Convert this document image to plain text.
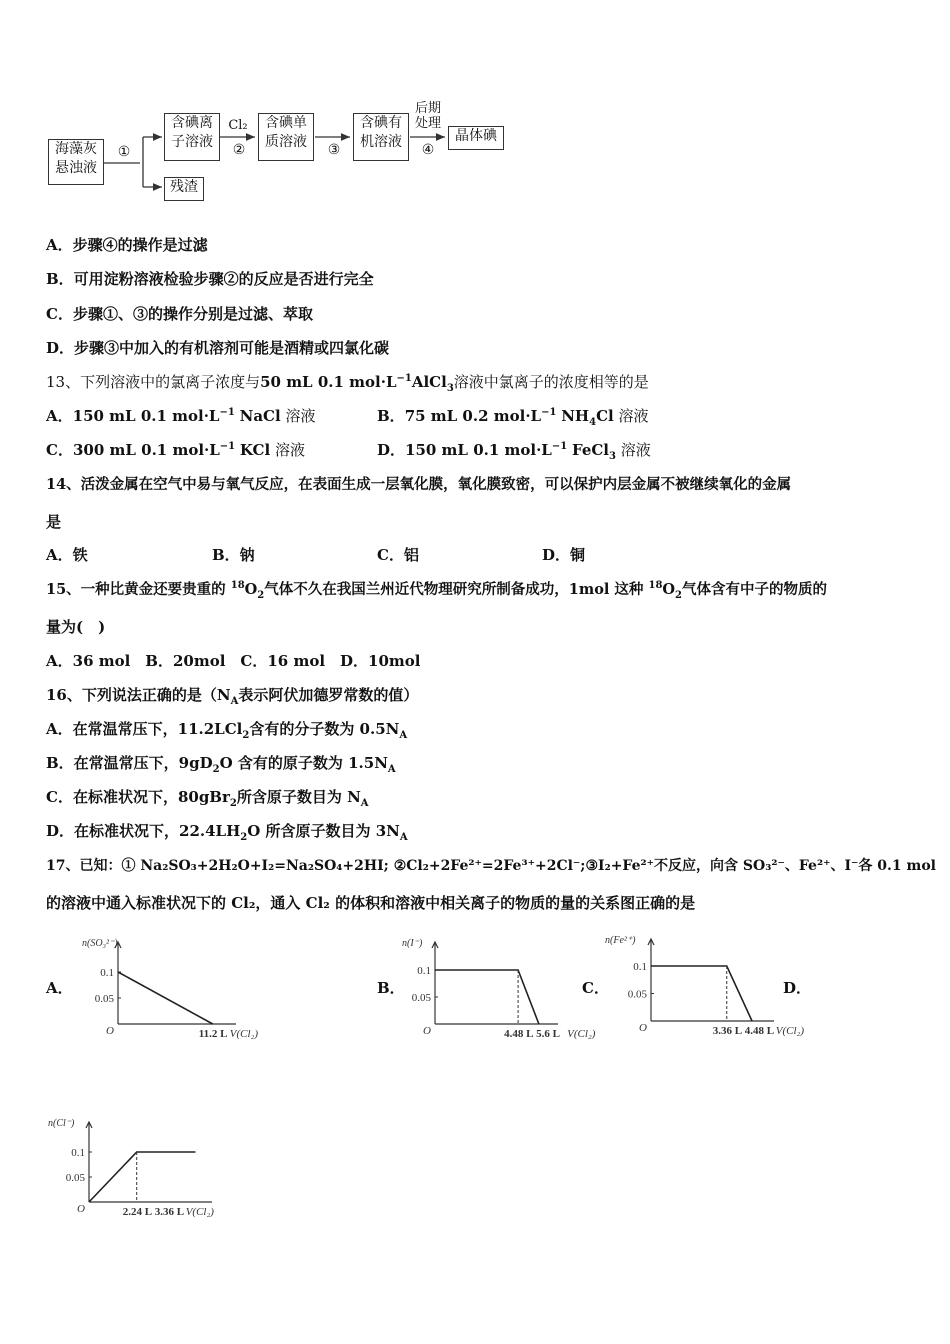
海藻灰
悬浊液
①
含碘离
子溶液
残渣
Cl₂
②
含碘单
质溶液	③
含碘有
机溶液
后期
处理
④
晶体碘
A．步骤④的操作是过滤
B．可用淀粉溶液检验步骤②的反应是否进行完全
C．步骤①、③的操作分别是过滤、萃取
D．步骤③中加入的有机溶剂可能是酒精或四氯化碳
13、下列溶液中的氯离子浓度与50 mL 0.1 $mol\cdot L^{-1}AlCl_3$溶液中氯离子的浓度相等的是
A．150 mL 0.1 $mol\cdot L^{-1}$ NaCl 溶液	B．75 mL 0.2 $mol\cdot L^{-1}$ $NH_4Cl$ 溶液
C．300 mL 0.1 $mol\cdot L^{-1}$ KCl 溶液	D．150 mL 0.1 $mol\cdot L^{-1}$ FeCl$_3$ 溶液
14、活泼金属在空气中易与氧气反应，在表面生成一层氧化膜，氧化膜致密，可以保护内层金属不被继续氧化的金属
是
A．铁	B．钠	C．铝	D．铜
15、一种比黄金还要贵重的 $^{18}O_2$气体不久在我国兰州近代物理研究所制备成功，1mol 这种 $^{18}O_2$气体含有中子的物质的
量为(　)
A．36 mol　B．20mol　C．16 mol　D．10mol
16、下列说法正确的是（$N_A$表示阿伏加德罗常数的值）
A．在常温常压下，11.2LCl$_2$含有的分子数为 $0.5N_A$
B．在常温常压下，$9gD_2O$ 含有的原子数为 $1.5N_A$
C．在标准状况下，80gBr$_2$所含原子数目为 $N_A$
D．在标准状况下，$22.4LH_2O$ 所含原子数目为 $3N_A$
17、已知：① Na₂SO₃+2H₂O+I₂=Na₂SO₄+2HI; ②Cl₂+2Fe²⁺=2Fe³⁺+2Cl⁻;③I₂+Fe²⁺不反应，向含 SO₃²⁻、Fe²⁺、I⁻各 0.1 mol
的溶液中通入标准状况下的 Cl₂，通入 Cl₂ 的体积和溶液中相关离子的物质的量的关系图正确的是
A．	B．	C．	D．
n(SO₃²⁻)
O
0.1
0.05
11.2 L V(Cl₂)
n(I⁻)
O
0.1
0.05
4.48 L 5.6 L V(Cl₂)
n(Fe²⁺)
O
0.1
0.05
3.36 L 4.48 L V(Cl₂)
n(Cl⁻)
O
0.1
0.05
2.24 L 3.36 L V(Cl₂)
